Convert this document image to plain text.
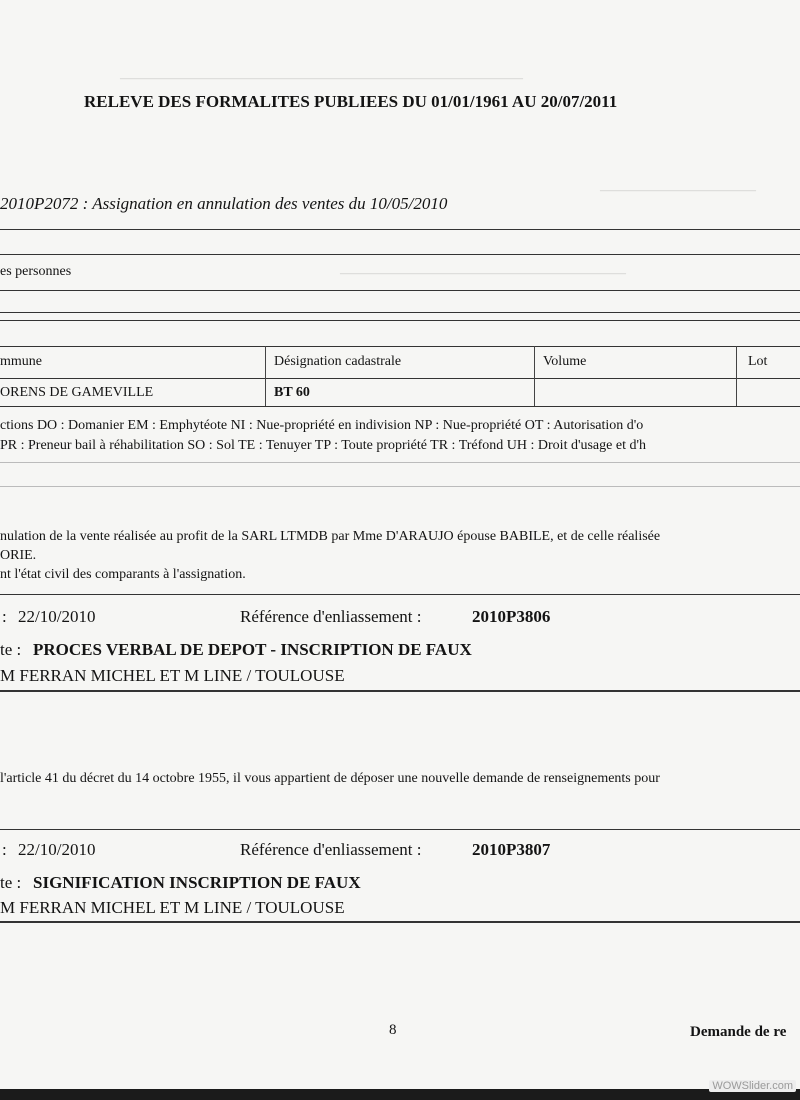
―――――――――――――――――――――――――――――――
――――――――――――
――――――――――――――――――――――
RELEVE DES FORMALITES PUBLIEES DU 01/01/1961 AU 20/07/2011
2010P2072 : Assignation en annulation des ventes du 10/05/2010
es personnes
mmune	Désignation cadastrale	Volume	Lot
ORENS DE GAMEVILLE	BT 60
ctions DO : Domanier EM : Emphytéote NI : Nue-propriété en indivision NP : Nue-propriété OT : Autorisation d'o
PR : Preneur bail à réhabilitation SO : Sol TE : Tenuyer TP : Toute propriété TR : Tréfond UH : Droit d'usage et d'h
nulation de la vente réalisée au profit de la SARL LTMDB par Mme D'ARAUJO épouse BABILE, et de celle réalisée
ORIE.
nt l'état civil des comparants à l'assignation.
: 22/10/2010	Référence d'enliassement :	2010P3806
te : PROCES VERBAL DE DEPOT - INSCRIPTION DE FAUX
M FERRAN MICHEL ET M LINE / TOULOUSE
l'article 41 du décret du 14 octobre 1955, il vous appartient de déposer une nouvelle demande de renseignements pour
: 22/10/2010	Référence d'enliassement :	2010P3807
te : SIGNIFICATION INSCRIPTION DE FAUX
M FERRAN MICHEL ET M LINE / TOULOUSE
8	Demande de re
WOWSlider.com
